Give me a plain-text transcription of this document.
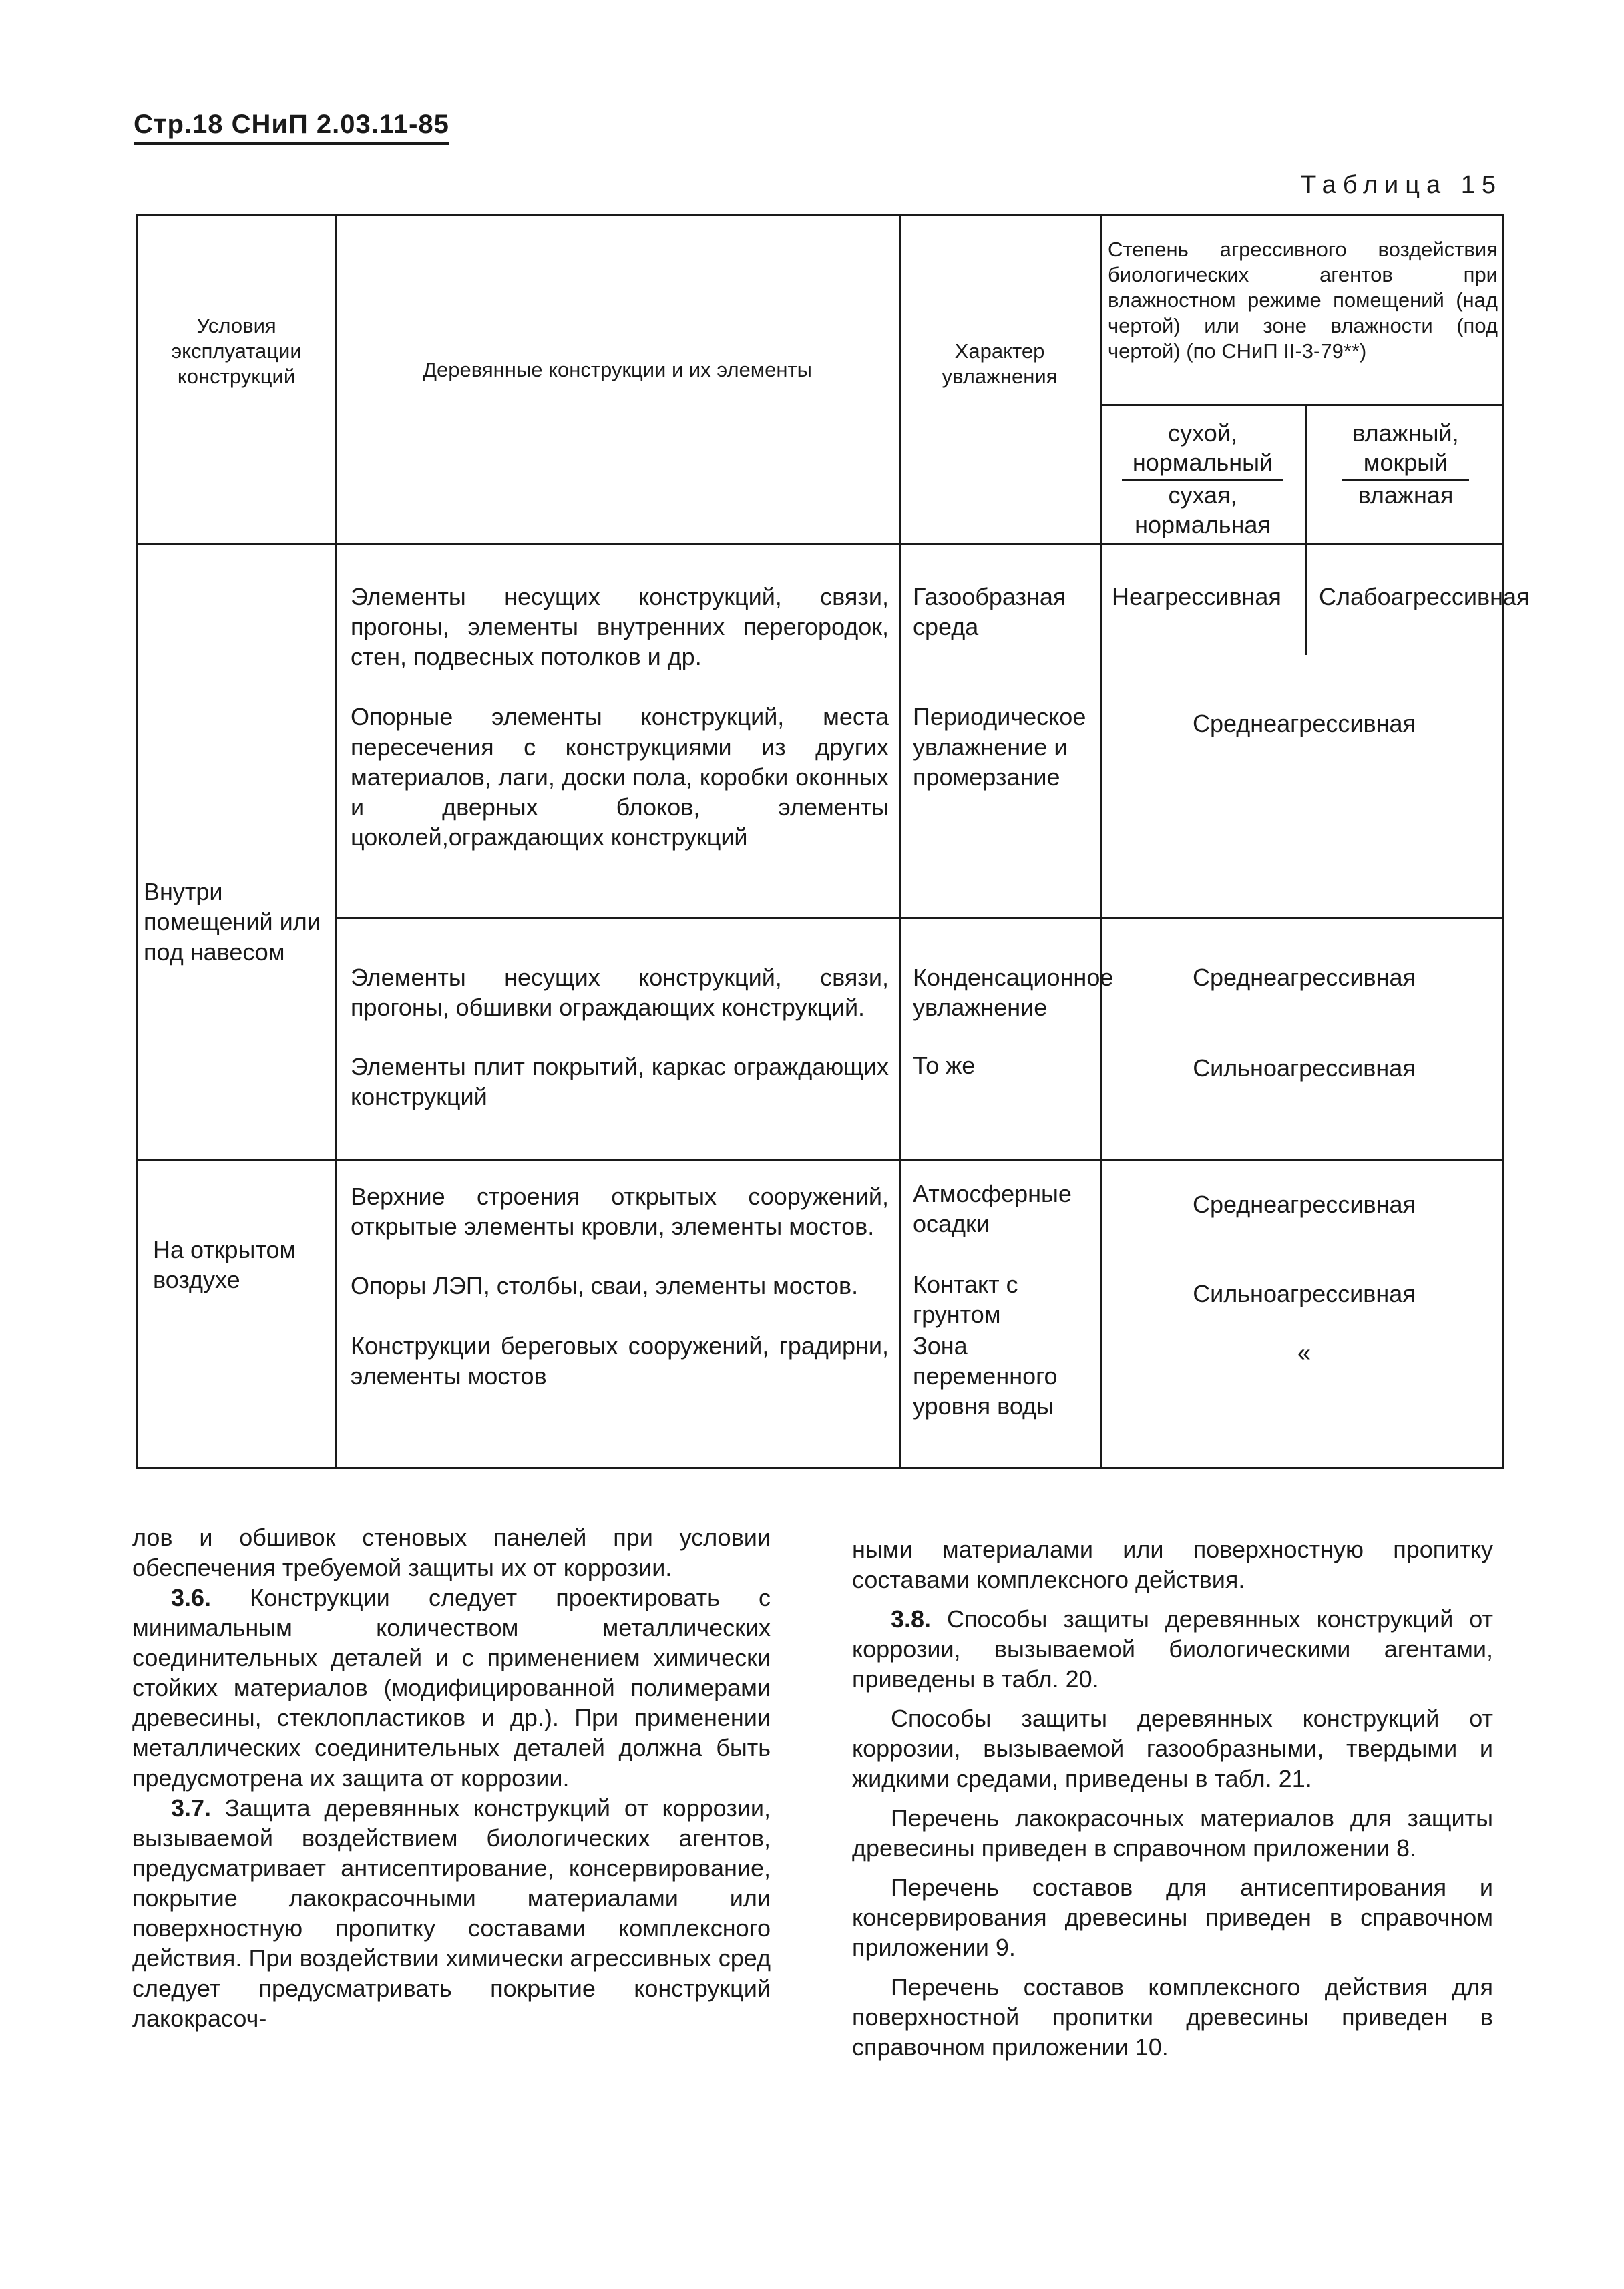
Стр.18 СНиП 2.03.11-85
Таблица 15
Условия эксплуатации конструкций	Деревянные конструкции и их элементы
Характер увлажнения
Степень агрессивного воздействия биологических агентов при влажностном режиме помещений (над чертой) или зоне влажности (под чертой) (по СНиП II-3-79**)
сухой, нормальный
сухая, нормальная
влажный, мокрый
влажная
Внутри помещений или под навесом
На открытом воздухе
Элементы несущих конструкций, связи, прогоны, элементы внутренних перегородок, стен, подвесных потолков и др.
Опорные элементы конструкций, места пересечения с конструкциями из других материалов, лаги, доски пола, коробки оконных и дверных блоков, элементы цоколей,ограждающих конструкций
Газообразная среда
Периодическое увлажнение и промерзание
Неагрессивная	Слабоагрессивная
Среднеагрессивная
Элементы несущих конструкций, связи, прогоны, обшивки ограждающих конструкций.
Элементы плит покрытий, каркас ограждающих конструкций
Конденсационное увлажнение
То же
Среднеагрессивная
Сильноагрессивная
Верхние строения открытых сооружений, открытые элементы кровли, элементы мостов.
Опоры ЛЭП, столбы, сваи, элементы мостов.
Конструкции береговых сооружений, градирни, элементы мостов
Атмосферные осадки
Контакт с грунтом
Зона переменного уровня воды
Среднеагрессивная
Сильноагрессивная
«

лов и обшивок стеновых панелей при условии обеспечения требуемой защиты их от коррозии.

3.6. Конструкции следует проектировать с минимальным количеством металлических соединительных деталей и с применением химически стойких материалов (модифицированной полимерами древесины, стеклопластиков и др.). При применении металлических соединительных деталей должна быть предусмотрена их защита от коррозии.

3.7. Защита деревянных конструкций от коррозии, вызываемой воздействием биологических агентов, предусматривает антисептирование, консервирование, покрытие лакокрасочными материалами или поверхностную пропитку составами комплексного действия. При воздействии химически агрессивных сред следует предусматривать покрытие конструкций лакокрасоч-

ными материалами или поверхностную пропитку составами комплексного действия.

3.8. Способы защиты деревянных конструкций от коррозии, вызываемой биологическими агентами, приведены в табл. 20.

Способы защиты деревянных конструкций от коррозии, вызываемой газообразными, твердыми и жидкими средами, приведены в табл. 21.

Перечень лакокрасочных материалов для защиты древесины приведен в справочном приложении 8.

Перечень составов для антисептирования и консервирования древесины приведен в справочном приложении 9.

Перечень составов комплексного действия для поверхностной пропитки древесины приведен в справочном приложении 10.
